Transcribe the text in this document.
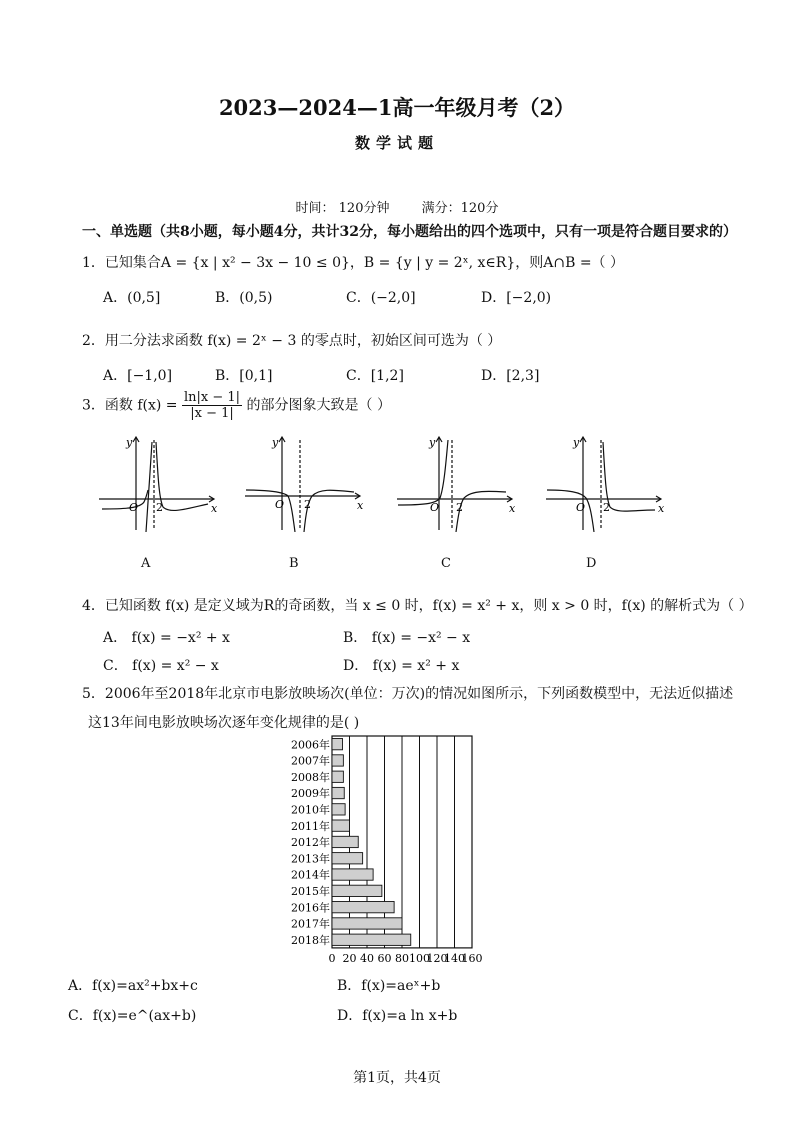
2023—2024—1高一年级月考（2）
数学试题
时间： 120分钟 满分：120分
一、单选题（共8小题，每小题4分，共计32分，每小题给出的四个选项中，只有一项是符合题目要求的）
1．已知集合A = {x | x² − 3x − 10 ≤ 0}，B = {y | y = 2ˣ, x∈R}，则A∩B =（ ）
A．(0,5]	B．(0,5)	C．(−2,0]	D．[−2,0)
2．用二分法求函数 f(x) = 2ˣ − 3 的零点时，初始区间可选为（ ）
A．[−1,0]	B．[0,1]	C．[1,2]	D．[2,3]
3．函数 $f(x) = \frac{\ln|x - 1|}{|x - 1|}$ 的部分图象大致是（ ）
O 2	x
y
O 2	x
y
O 2	x
y
O 2	x
y
A	B	C	D
4．已知函数 f(x) 是定义域为R的奇函数，当 x ≤ 0 时，f(x) = x² + x，则 x > 0 时，f(x) 的解析式为（ ）
A． f(x) = −x² + x	B． f(x) = −x² − x
C． f(x) = x² − x	D． f(x) = x² + x
5．2006年至2018年北京市电影放映场次(单位：万次)的情况如图所示，下列函数模型中，无法近似描述
这13年间电影放映场次逐年变化规律的是( )
2006年
2007年
2008年
2009年
2010年
2011年
2012年
2013年
2014年
2015年
2016年
2017年
2018年
0 20 40 60 80 100
120
140
160
A．f(x)=ax²+bx+c	B．f(x)=aeˣ+b
C．f(x)=e^(ax+b)	D．f(x)=a ln x+b
第1页，共4页
